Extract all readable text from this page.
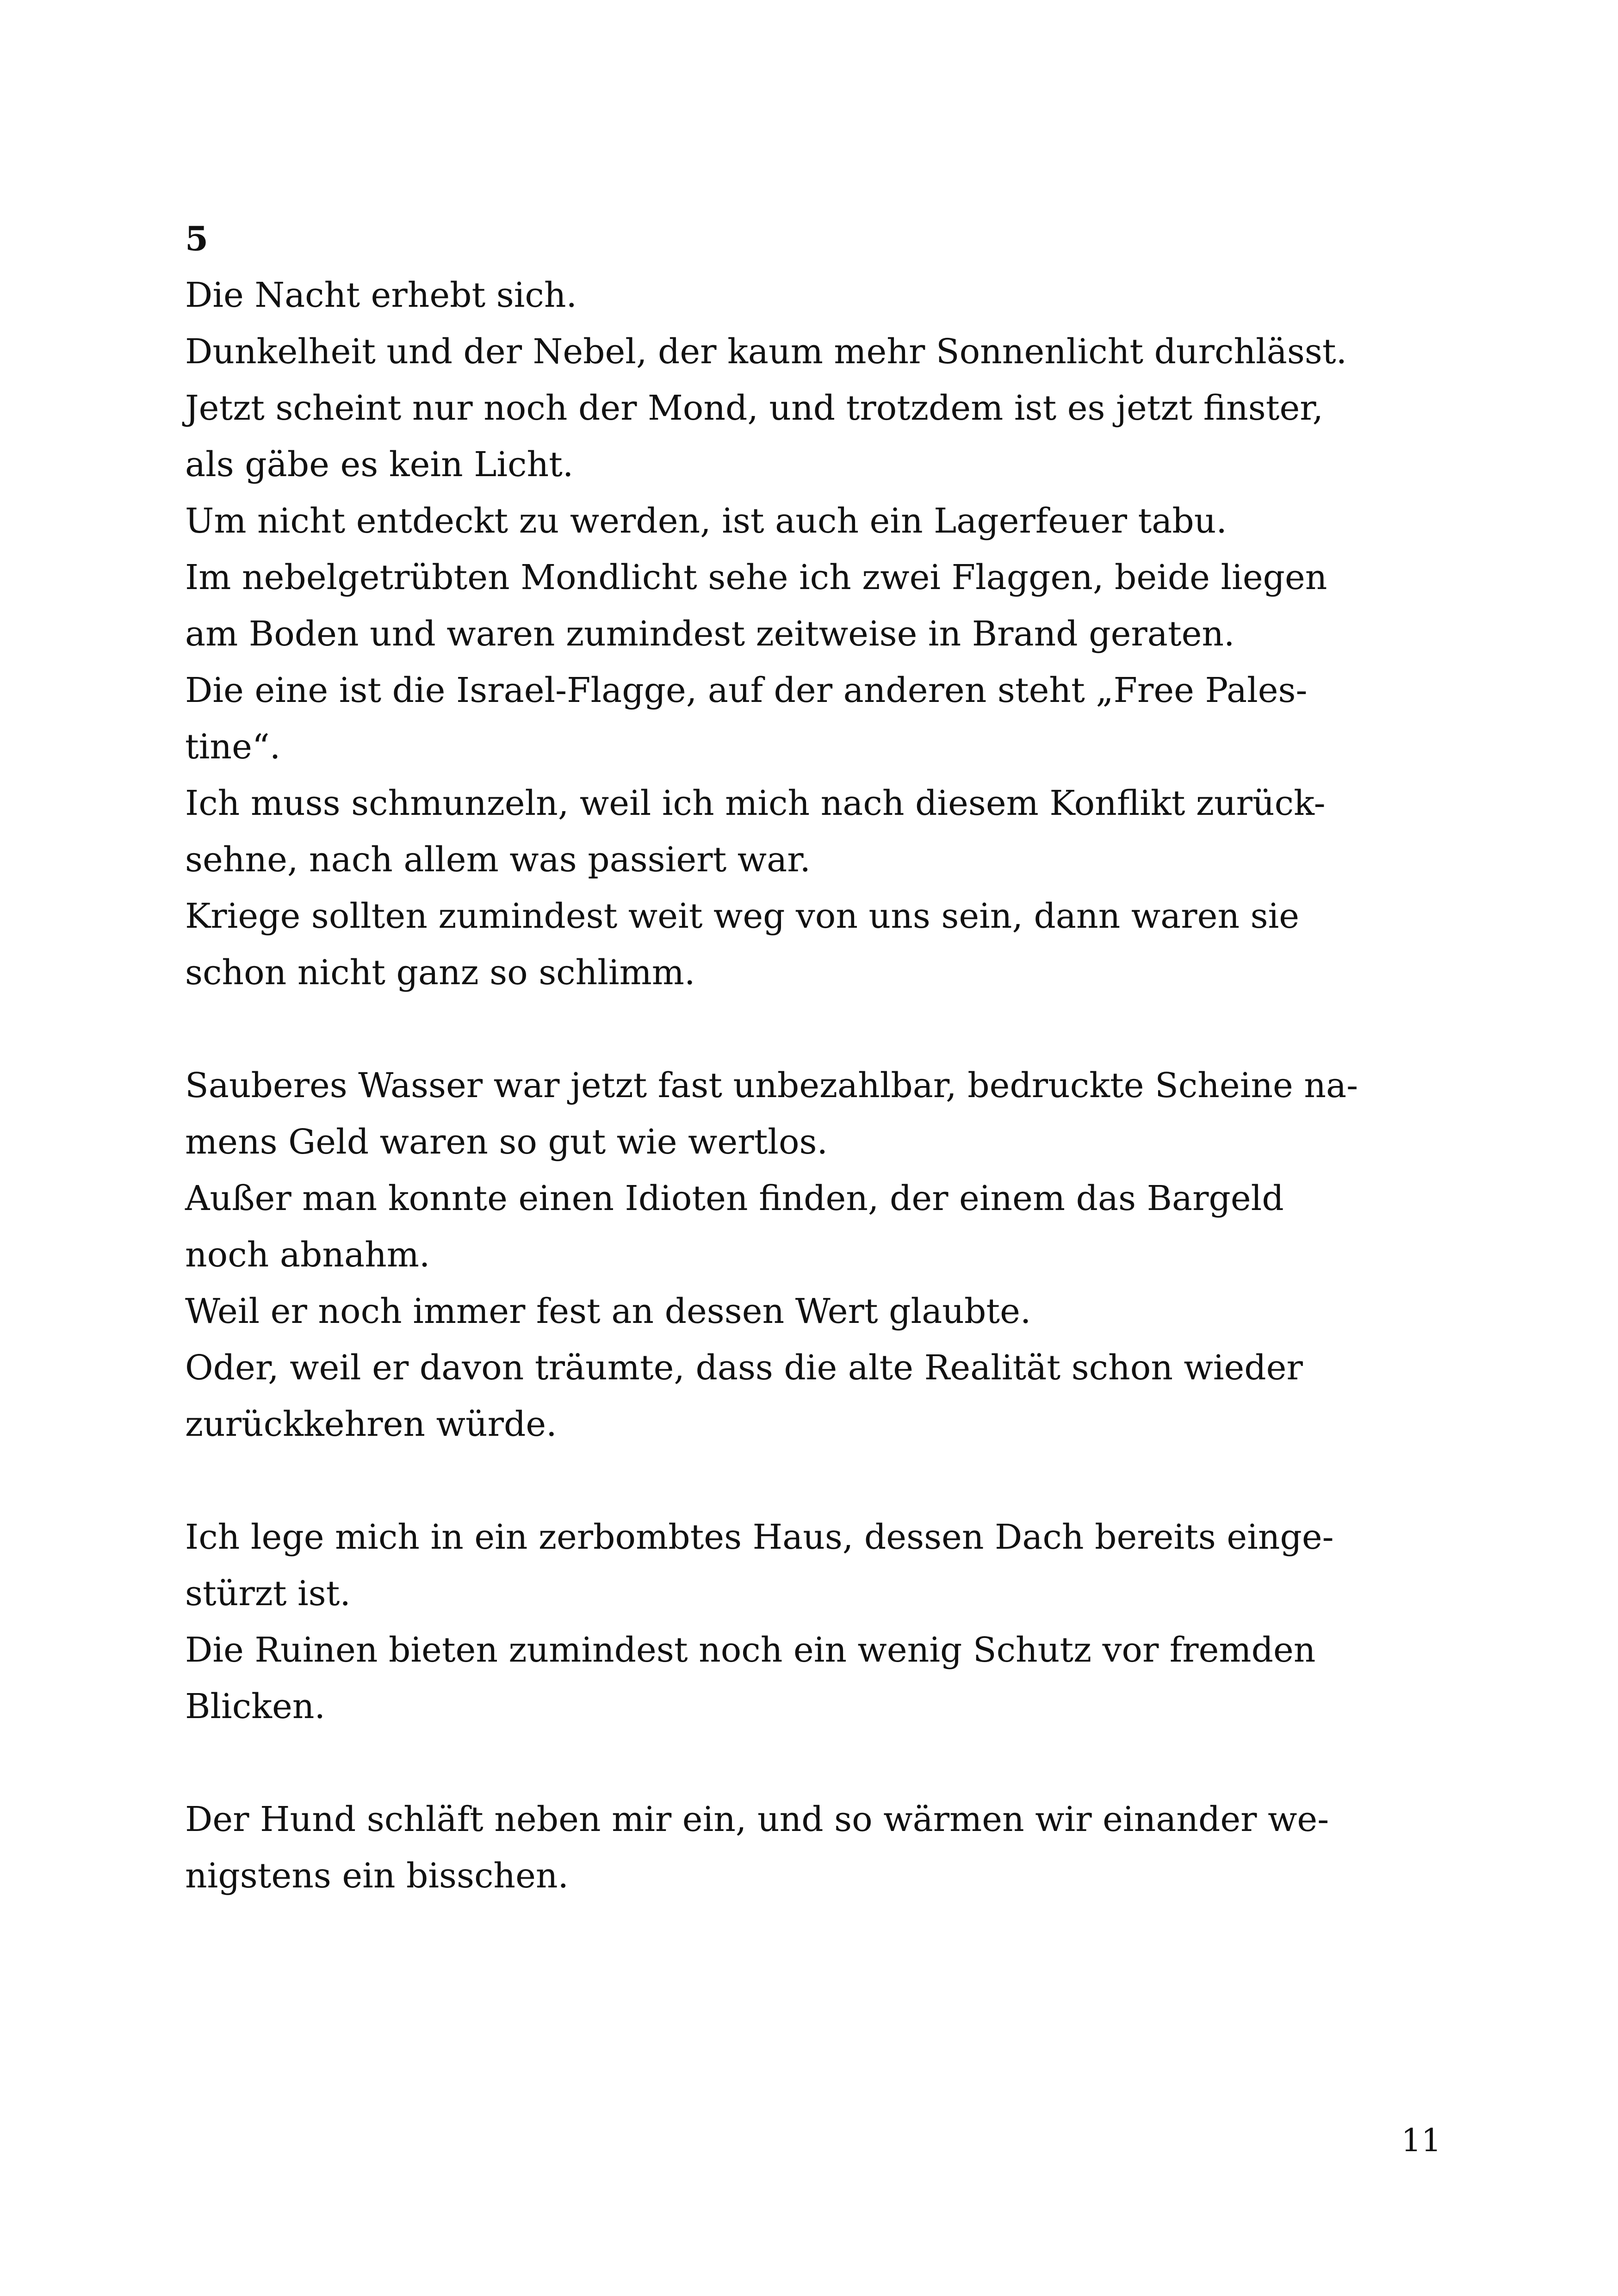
5
Die Nacht erhebt sich.
Dunkelheit und der Nebel, der kaum mehr Sonnenlicht durchlässt.
Jetzt scheint nur noch der Mond, und trotzdem ist es jetzt finster,
als gäbe es kein Licht.
Um nicht entdeckt zu werden, ist auch ein Lagerfeuer tabu.
Im nebelgetrübten Mondlicht sehe ich zwei Flaggen, beide liegen
am Boden und waren zumindest zeitweise in Brand geraten.
Die eine ist die Israel-Flagge, auf der anderen steht „Free Pales-
tine“.
Ich muss schmunzeln, weil ich mich nach diesem Konflikt zurück-
sehne, nach allem was passiert war.
Kriege sollten zumindest weit weg von uns sein, dann waren sie
schon nicht ganz so schlimm.
Sauberes Wasser war jetzt fast unbezahlbar, bedruckte Scheine na-
mens Geld waren so gut wie wertlos.
Außer man konnte einen Idioten finden, der einem das Bargeld
noch abnahm.
Weil er noch immer fest an dessen Wert glaubte.
Oder, weil er davon träumte, dass die alte Realität schon wieder
zurückkehren würde.
Ich lege mich in ein zerbombtes Haus, dessen Dach bereits einge-
stürzt ist.
Die Ruinen bieten zumindest noch ein wenig Schutz vor fremden
Blicken.
Der Hund schläft neben mir ein, und so wärmen wir einander we-
nigstens ein bisschen.
11
